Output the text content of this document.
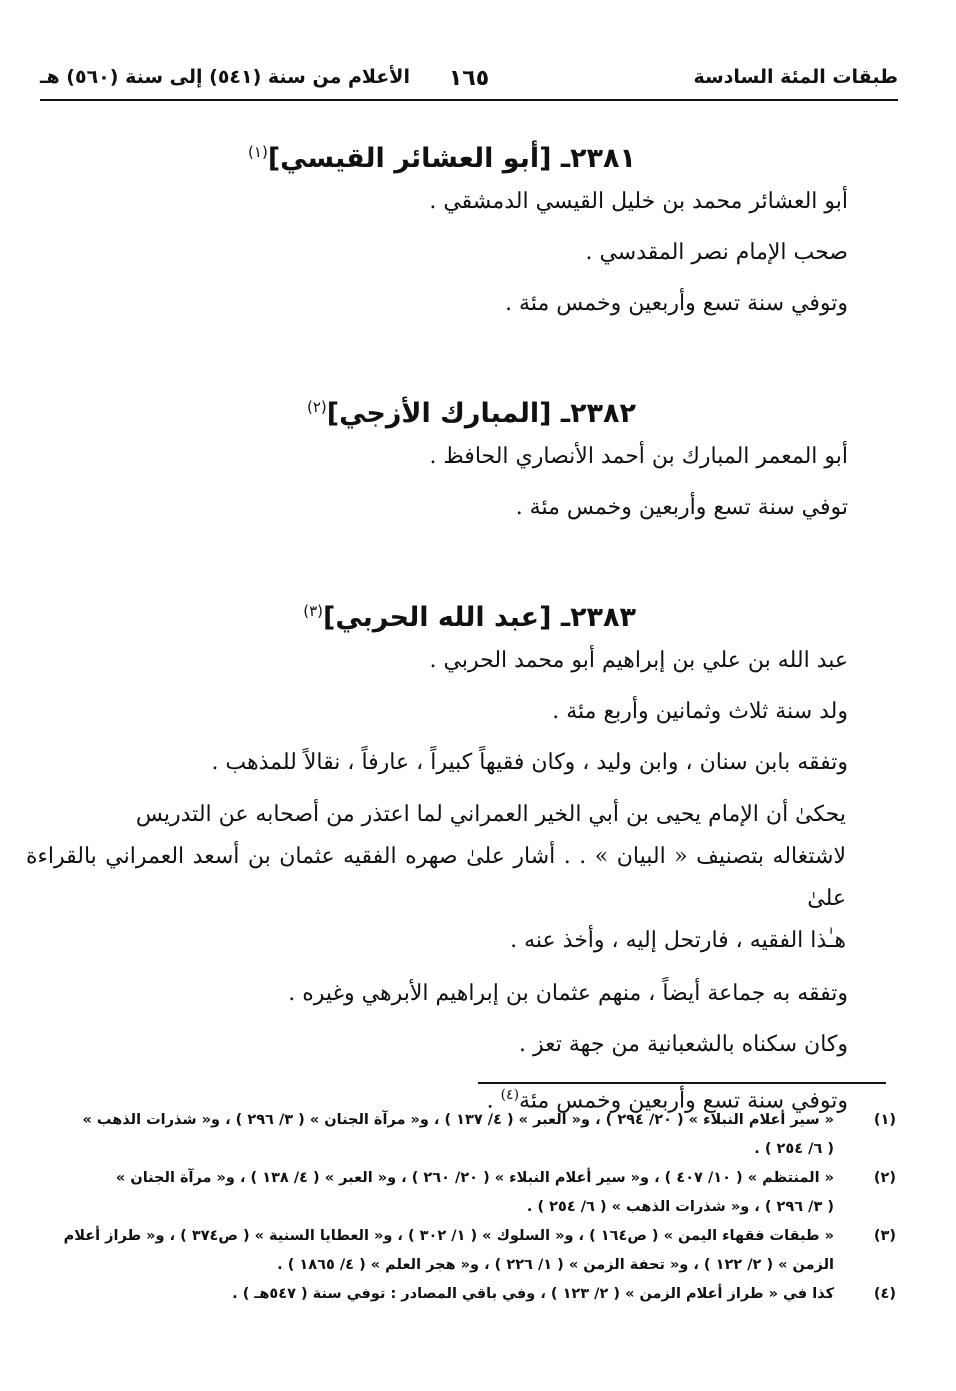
طبقات المئة السادسة
١٦٥
الأعلام من سنة (٥٤١) إلى سنة (٥٦٠) هـ
٢٣٨١ـ [أبو العشائر القيسي]$^{(١)}$

أبو العشائر محمد بن خليل القيسي الدمشقي .

صحب الإمام نصر المقدسي .

وتوفي سنة تسع وأربعين وخمس مئة .

٢٣٨٢ـ [المبارك الأزجي]$^{(٢)}$

أبو المعمر المبارك بن أحمد الأنصاري الحافظ .

توفي سنة تسع وأربعين وخمس مئة .

٢٣٨٣ـ [عبد الله الحربي]$^{(٣)}$

عبد الله بن علي بن إبراهيم أبو محمد الحربي .

ولد سنة ثلاث وثمانين وأربع مئة .

وتفقه بابن سنان ، وابن وليد ، وكان فقيهاً كبيراً ، عارفاً ، نقالاً للمذهب .

يحكىٰ أن الإمام يحيى بن أبي الخير العمراني لما اعتذر من أصحابه عن التدريس

لاشتغاله بتصنيف « البيان » . . أشار علىٰ صهره الفقيه عثمان بن أسعد العمراني بالقراءة علىٰ

هـٰذا الفقيه ، فارتحل إليه ، وأخذ عنه .

وتفقه به جماعة أيضاً ، منهم عثمان بن إبراهيم الأبرهي وغيره .

وكان سكناه بالشعبانية من جهة تعز .

وتوفي سنة تسع وأربعين وخمس مئة$^{(٤)}$ .

(١)
« سير أعلام النبلاء » ( ٢٠/ ٢٩٤ ) ، و« العبر » ( ٤/ ١٣٧ ) ، و« مرآة الجنان » ( ٣/ ٢٩٦ ) ، و« شذرات الذهب »
( ٦/ ٢٥٤ ) .
(٢)
« المنتظم » ( ١٠/ ٤٠٧ ) ، و« سير أعلام النبلاء » ( ٢٠/ ٢٦٠ ) ، و« العبر » ( ٤/ ١٣٨ ) ، و« مرآة الجنان »
( ٣/ ٢٩٦ ) ، و« شذرات الذهب » ( ٦/ ٢٥٤ ) .
(٣)
« طبقات فقهاء اليمن » ( ص١٦٤ ) ، و« السلوك » ( ١/ ٣٠٢ ) ، و« العطايا السنية » ( ص٣٧٤ ) ، و« طراز أعلام
الزمن » ( ٢/ ١٢٢ ) ، و« تحفة الزمن » ( ١/ ٢٢٦ ) ، و« هجر العلم » ( ٤/ ١٨٦٥ ) .
(٤)
كذا في « طراز أعلام الزمن » ( ٢/ ١٢٣ ) ، وفي باقي المصادر : توفي سنة ( ٥٤٧هـ ) .
